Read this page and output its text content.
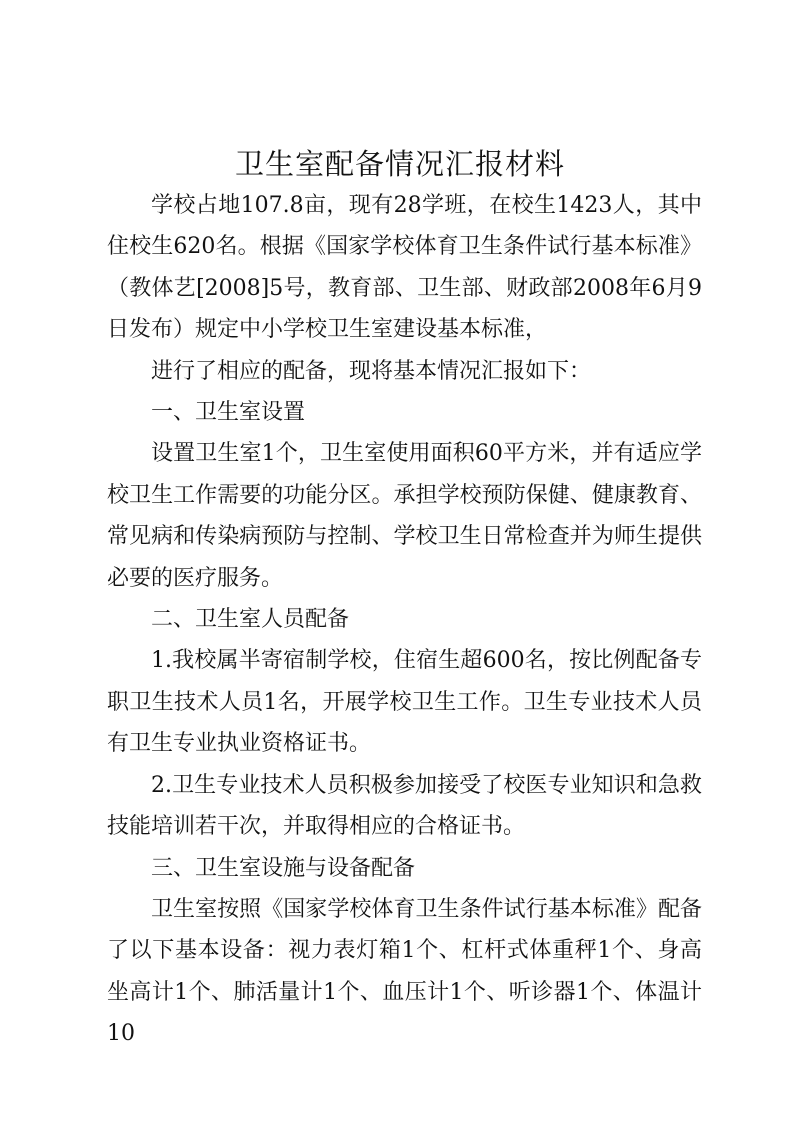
卫生室配备情况汇报材料

学校占地107.8亩，现有28学班，在校生1423人，其中住校生620名。根据《国家学校体育卫生条件试行基本标准》（教体艺[2008]5号，教育部、卫生部、财政部2008年6月9日发布）规定中小学校卫生室建设基本标准，

进行了相应的配备，现将基本情况汇报如下：

一、卫生室设置

设置卫生室1个，卫生室使用面积60平方米，并有适应学校卫生工作需要的功能分区。承担学校预防保健、健康教育、常见病和传染病预防与控制、学校卫生日常检查并为师生提供必要的医疗服务。

二、卫生室人员配备

1.我校属半寄宿制学校，住宿生超600名，按比例配备专职卫生技术人员1名，开展学校卫生工作。卫生专业技术人员有卫生专业执业资格证书。

2.卫生专业技术人员积极参加接受了校医专业知识和急救技能培训若干次，并取得相应的合格证书。

三、卫生室设施与设备配备

卫生室按照《国家学校体育卫生条件试行基本标准》配备了以下基本设备：视力表灯箱1个、杠杆式体重秤1个、身高坐高计1个、肺活量计1个、血压计1个、听诊器1个、体温计10
